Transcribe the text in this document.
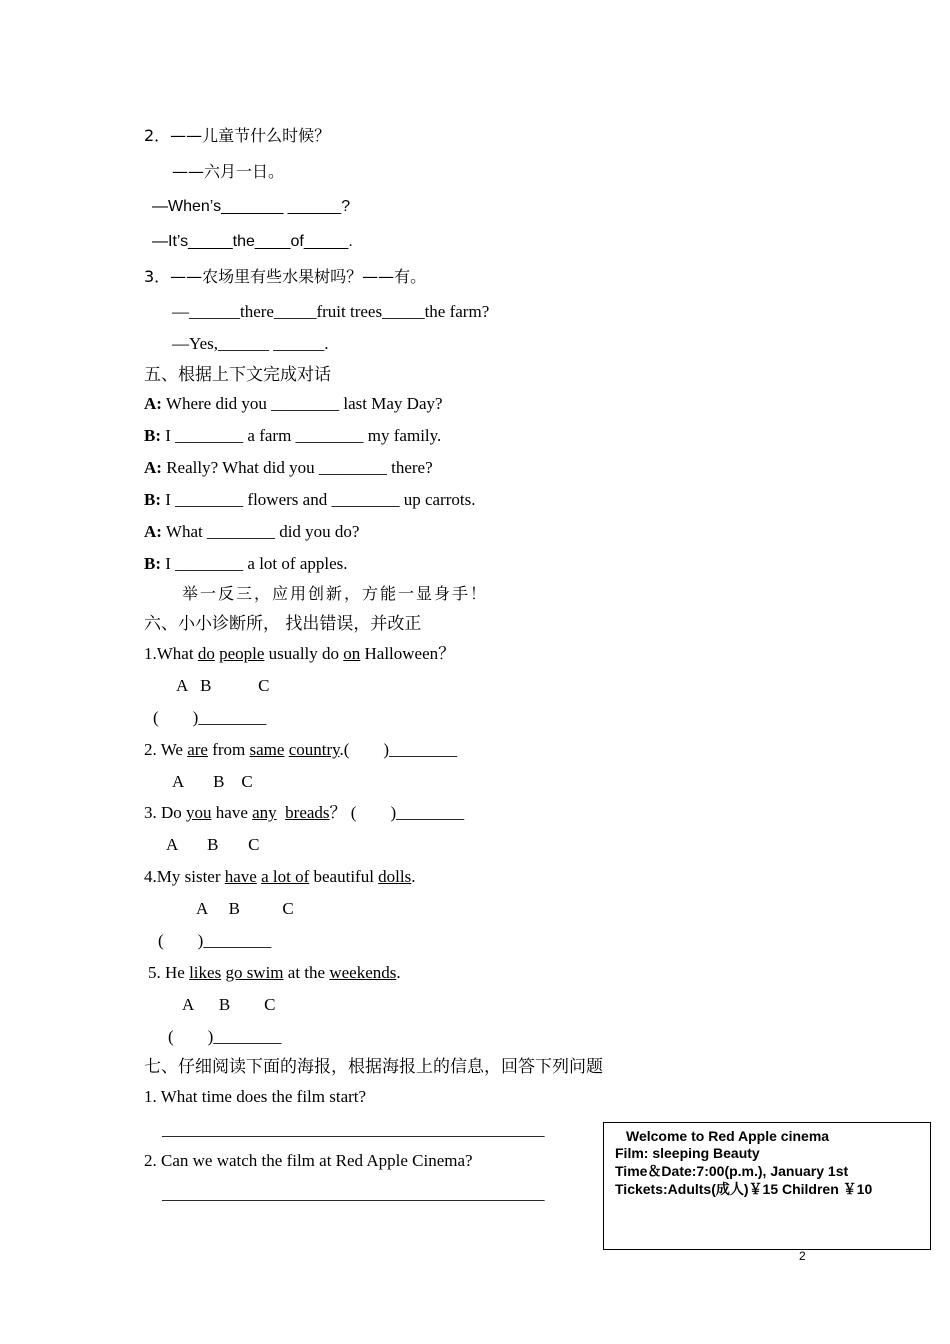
2．——儿童节什么时候？
——六月一日。
—When’s_______ ______?
—It’s_____the____of_____.
3．——农场里有些水果树吗？——有。
—______there_____fruit trees_____the farm?
—Yes,______ ______.
五、根据上下文完成对话
A: Where did you ________ last May Day?
B: I ________ a farm ________ my family.
A: Really? What did you ________ there?
B: I ________ flowers and ________ up carrots.
A: What ________ did you do?
B: I ________ a lot of apples.
举一反三，应用创新，方能一显身手！
六、小小诊断所， 找出错误，并改正
1.What do people usually do on Halloween？
A   B           C
(        )________
2. We are from same country.(        )________
A       B    C
3. Do you have any breads？ (        )________
A       B       C
4.My sister have a lot of beautiful dolls.
A     B          C
(        )________
5. He likes go swim at the weekends.
A      B        C
(        )________
七、仔细阅读下面的海报，根据海报上的信息，回答下列问题
1. What time does the film start?
_____________________________________________
2. Can we watch the film at Red Apple Cinema?
_____________________________________________
Welcome to Red Apple cinema
Film: sleeping Beauty
Time＆Date:7:00(p.m.), January 1st
Tickets:Adults(成人)￥15 Children ￥10
2
